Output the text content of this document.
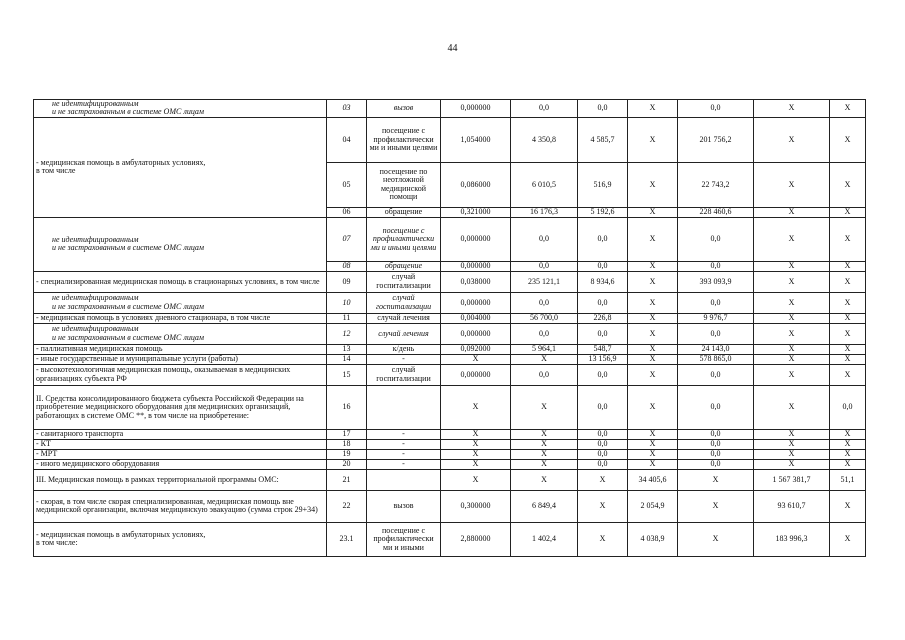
44
не идентифицированным
и не застрахованным в системе ОМС лицам	03	вызов	0,000000	0,0	0,0	X	0,0	X	X
- медицинская помощь в амбулаторных условиях,
в том числе	04	посещение с профилактически ми и иными целями	1,054000	4 350,8	4 585,7	X	201 756,2	X	X
	05	посещение по неотложной медицинской помощи	0,086000	6 010,5	516,9	X	22 743,2	X	X
	06	обращение	0,321000	16 176,3	5 192,6	X	228 460,6	X	X
не идентифицированным
и не застрахованным в системе ОМС лицам	07	посещение с профилактически ми и иными целями	0,000000	0,0	0,0	X	0,0	X	X
	08	обращение	0,000000	0,0	0,0	X	0,0	X	X
- специализированная медицинская помощь в стационарных условиях, в том числе	09	случай госпитализации	0,038000	235 121,1	8 934,6	X	393 093,9	X	X
не идентифицированным
и не застрахованным в системе ОМС лицам	10	случай госпитализации	0,000000	0,0	0,0	X	0,0	X	X
- медицинская помощь в условиях дневного стационара, в том числе	11	случай лечения	0,004000	56 700,0	226,8	X	9 976,7	X	X
не идентифицированным
и не застрахованным в системе ОМС лицам	12	случай лечения	0,000000	0,0	0,0	X	0,0	X	X
- паллиативная медицинская помощь	13	к/день	0,092000	5 964,1	548,7	X	24 143,0	X	X
- иные государственные и муниципальные услуги (работы)	14	-	X	X	13 156,9	X	578 865,0	X	X
- высокотехнологичная медицинская помощь, оказываемая в медицинских организациях субъекта РФ	15	случай госпитализации	0,000000	0,0	0,0	X	0,0	X	X
II. Средства консолидированного бюджета субъекта Российской Федерации на приобретение медицинского оборудования для медицинских организаций, работающих в системе ОМС **, в том числе на приобретение:	16		X	X	0,0	X	0,0	X	0,0
- санитарного транспорта	17	-	X	X	0,0	X	0,0	X	X
- КТ	18	-	X	X	0,0	X	0,0	X	X
- МРТ	19	-	X	X	0,0	X	0,0	X	X
- иного медицинского оборудования	20	-	X	X	0,0	X	0,0	X	X
III. Медицинская помощь в рамках территориальной программы ОМС:	21		X	X	X	34 405,6	X	1 567 381,7	51,1
- скорая, в том числе скорая специализированная, медицинская помощь вне медицинской организации, включая медицинскую эвакуацию (сумма строк 29+34)	22	вызов	0,300000	6 849,4	X	2 054,9	X	93 610,7	X
- медицинская помощь в амбулаторных условиях,
в том числе:	23.1	посещение с профилактически ми и иными	2,880000	1 402,4	X	4 038,9	X	183 996,3	X
